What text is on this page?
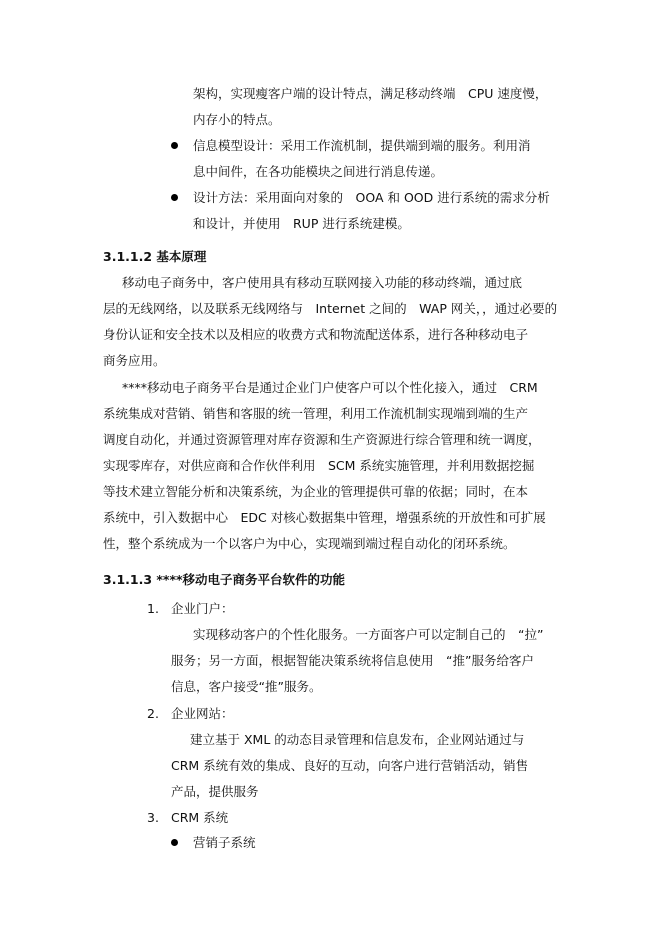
架构，实现瘦客户端的设计特点，满足移动终端　CPU 速度慢，
内存小的特点。
信息模型设计：采用工作流机制，提供端到端的服务。利用消
息中间件，在各功能模块之间进行消息传递。
设计方法：采用面向对象的　OOA 和 OOD 进行系统的需求分析
和设计，并使用　RUP 进行系统建模。
3.1.1.2 基本原理
移动电子商务中，客户使用具有移动互联网接入功能的移动终端，通过底
层的无线网络，以及联系无线网络与　Internet 之间的　WAP 网关，，通过必要的
身份认证和安全技术以及相应的收费方式和物流配送体系，进行各种移动电子
商务应用。
****移动电子商务平台是通过企业门户使客户可以个性化接入，通过　CRM
系统集成对营销、销售和客服的统一管理，利用工作流机制实现端到端的生产
调度自动化，并通过资源管理对库存资源和生产资源进行综合管理和统一调度，
实现零库存，对供应商和合作伙伴利用　SCM 系统实施管理，并利用数据挖掘
等技术建立智能分析和决策系统，为企业的管理提供可靠的依据；同时，在本
系统中，引入数据中心　EDC 对核心数据集中管理，增强系统的开放性和可扩展
性，整个系统成为一个以客户为中心，实现端到端过程自动化的闭环系统。
3.1.1.3 ****移动电子商务平台软件的功能
1. 企业门户：
实现移动客户的个性化服务。一方面客户可以定制自己的　“拉”
服务；另一方面，根据智能决策系统将信息使用　“推”服务给客户
信息，客户接受“推”服务。
2. 企业网站：
建立基于 XML 的动态目录管理和信息发布，企业网站通过与
CRM 系统有效的集成、良好的互动，向客户进行营销活动，销售
产品，提供服务
3. CRM 系统
营销子系统
